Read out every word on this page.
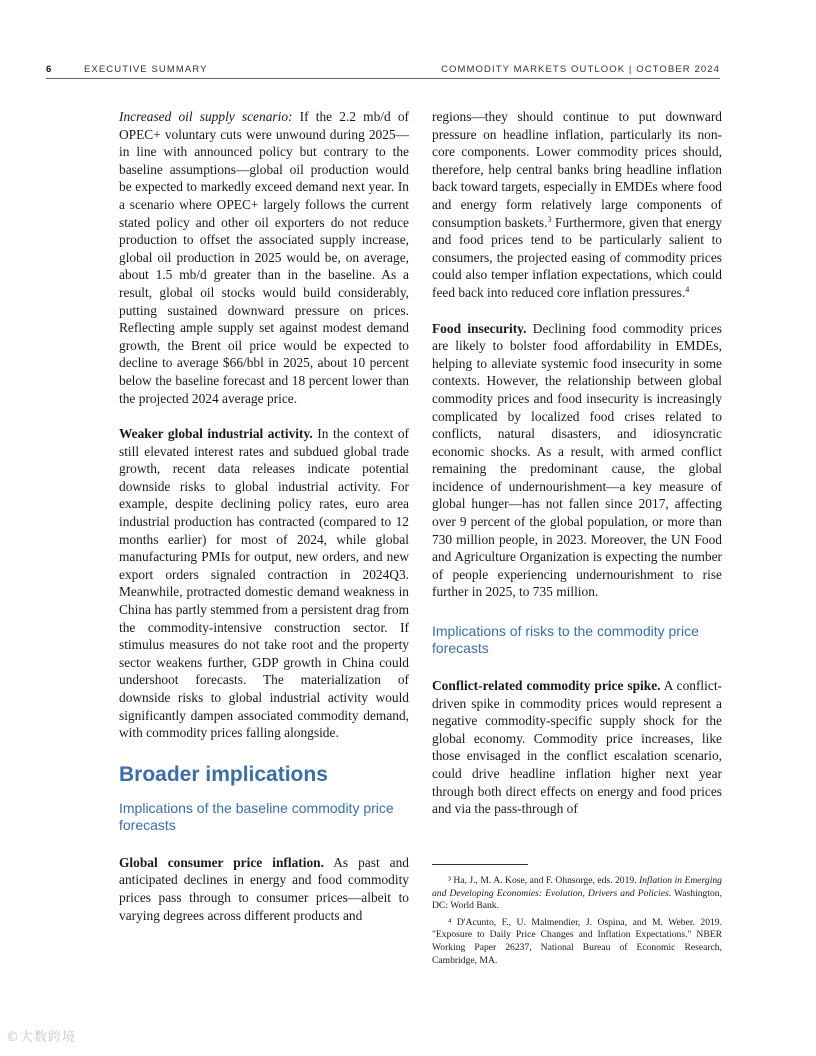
6	EXECUTIVE SUMMARY	COMMODITY MARKETS OUTLOOK | OCTOBER 2024

Increased oil supply scenario: If the 2.2 mb/d of OPEC+ voluntary cuts were unwound during 2025—in line with announced policy but contrary to the baseline assumptions—global oil production would be expected to markedly exceed demand next year. In a scenario where OPEC+ largely follows the current stated policy and other oil exporters do not reduce production to offset the associated supply increase, global oil production in 2025 would be, on average, about 1.5 mb/d greater than in the baseline. As a result, global oil stocks would build considerably, putting sustained downward pressure on prices. Reflecting ample supply set against modest demand growth, the Brent oil price would be expected to decline to average $66/bbl in 2025, about 10 percent below the baseline forecast and 18 percent lower than the projected 2024 average price.

Weaker global industrial activity. In the context of still elevated interest rates and subdued global trade growth, recent data releases indicate potential downside risks to global industrial activity. For example, despite declining policy rates, euro area industrial production has contracted (compared to 12 months earlier) for most of 2024, while global manufacturing PMIs for output, new orders, and new export orders signaled contraction in 2024Q3. Meanwhile, protracted domestic demand weakness in China has partly stemmed from a persistent drag from the commodity-intensive construction sector. If stimulus measures do not take root and the property sector weakens further, GDP growth in China could undershoot forecasts. The materialization of downside risks to global industrial activity would significantly dampen associated commodity demand, with commodity prices falling alongside.

Broader implications
Implications of the baseline commodity price forecasts

Global consumer price inflation. As past and anticipated declines in energy and food commodity prices pass through to consumer prices—albeit to varying degrees across different products and

regions—they should continue to put downward pressure on headline inflation, particularly its non-core components. Lower commodity prices should, therefore, help central banks bring headline inflation back toward targets, especially in EMDEs where food and energy form relatively large components of consumption baskets.$^3$ Furthermore, given that energy and food prices tend to be particularly salient to consumers, the projected easing of commodity prices could also temper inflation expectations, which could feed back into reduced core inflation pressures.$^4$

Food insecurity. Declining food commodity prices are likely to bolster food affordability in EMDEs, helping to alleviate systemic food insecurity in some contexts. However, the relationship between global commodity prices and food insecurity is increasingly complicated by localized food crises related to conflicts, natural disasters, and idiosyncratic economic shocks. As a result, with armed conflict remaining the predominant cause, the global incidence of undernourishment—a key measure of global hunger—has not fallen since 2017, affecting over 9 percent of the global population, or more than 730 million people, in 2023. Moreover, the UN Food and Agriculture Organization is expecting the number of people experiencing undernourishment to rise further in 2025, to 735 million.

Implications of risks to the commodity price forecasts

Conflict-related commodity price spike. A conflict-driven spike in commodity prices would represent a negative commodity-specific supply shock for the global economy. Commodity price increases, like those envisaged in the conflict escalation scenario, could drive headline inflation higher next year through both direct effects on energy and food prices and via the pass-through of

³ Ha, J., M. A. Kose, and F. Ohnsorge, eds. 2019. Inflation in Emerging and Developing Economies: Evolution, Drivers and Policies. Washington, DC: World Bank.

⁴ D'Acunto, F., U. Malmendier, J. Ospina, and M. Weber. 2019. "Exposure to Daily Price Changes and Inflation Expectations." NBER Working Paper 26237, National Bureau of Economic Research, Cambridge, MA.

©大数跨境
